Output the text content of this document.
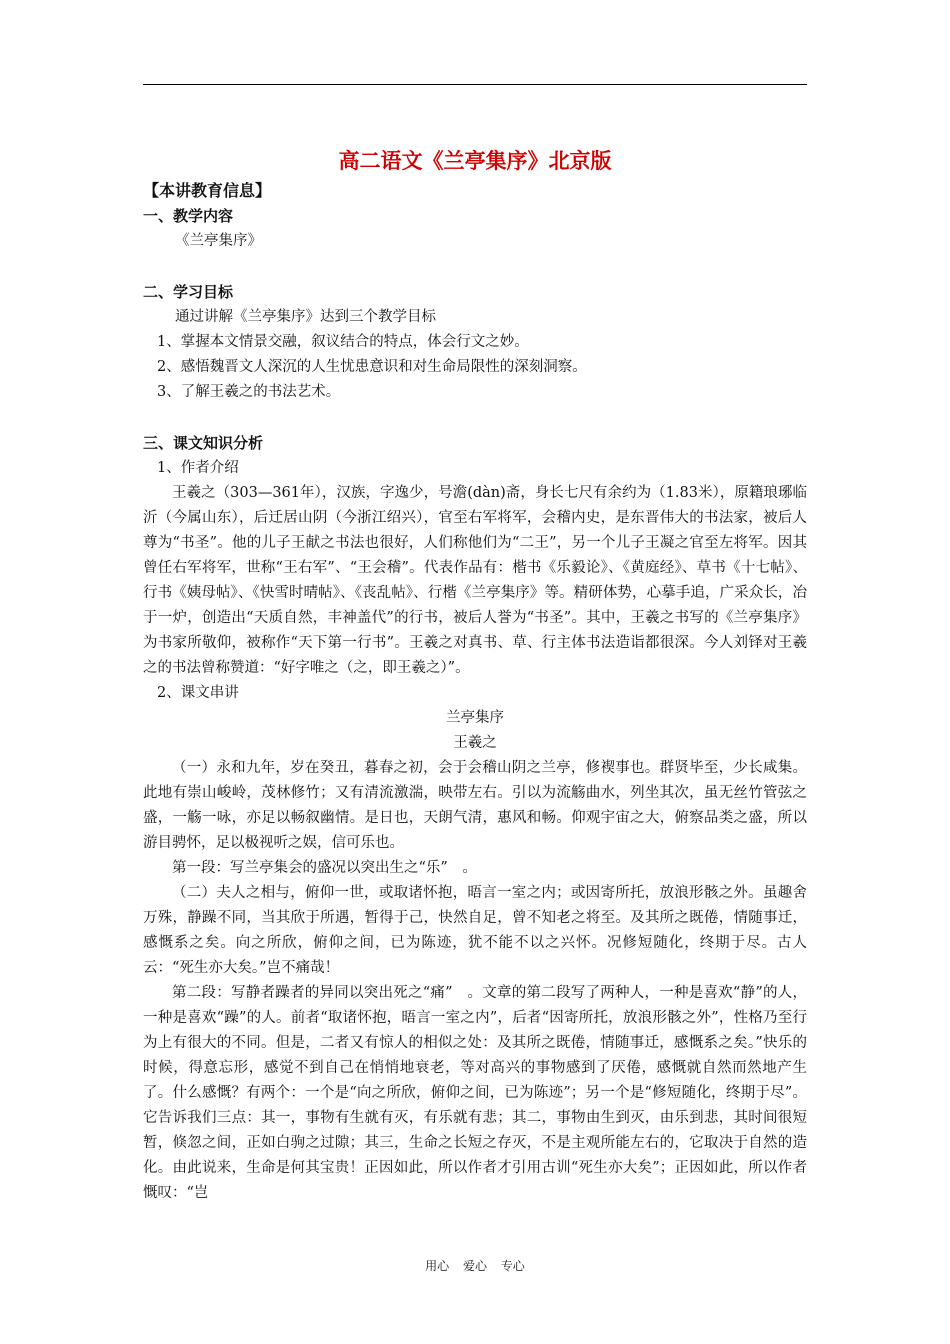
高二语文《兰亭集序》北京版
【本讲教育信息】
一、教学内容
《兰亭集序》
二、学习目标
通过讲解《兰亭集序》达到三个教学目标
1、掌握本文情景交融，叙议结合的特点，体会行文之妙。
2、感悟魏晋文人深沉的人生忧患意识和对生命局限性的深刻洞察。
3、了解王羲之的书法艺术。
三、课文知识分析
1、作者介绍
王羲之（303—361年），汉族，字逸少，号澹(dàn)斋，身长七尺有余约为（1.83米），原籍琅琊临沂（今属山东），后迁居山阴（今浙江绍兴），官至右军将军，会稽内史，是东晋伟大的书法家，被后人尊为“书圣”。他的儿子王献之书法也很好，人们称他们为“二王”，另一个儿子王凝之官至左将军。因其曾任右军将军，世称“王右军”、“王会稽”。代表作品有：楷书《乐毅论》、《黄庭经》、草书《十七帖》、行书《姨母帖》、《快雪时晴帖》、《丧乱帖》、行楷《兰亭集序》等。精研体势，心摹手追，广采众长，冶于一炉，创造出“天质自然，丰神盖代”的行书，被后人誉为“书圣”。其中，王羲之书写的《兰亭集序》为书家所敬仰，被称作“天下第一行书”。王羲之对真书、草、行主体书法造诣都很深。今人刘铎对王羲之的书法曾称赞道：“好字唯之（之，即王羲之）”。
2、课文串讲
兰亭集序
王羲之
（一）永和九年，岁在癸丑，暮春之初，会于会稽山阴之兰亭，修褉事也。群贤毕至，少长咸集。此地有崇山峻岭，茂林修竹；又有清流激湍，映带左右。引以为流觞曲水，列坐其次，虽无丝竹管弦之盛，一觞一咏，亦足以畅叙幽情。是日也，天朗气清，惠风和畅。仰观宇宙之大，俯察品类之盛，所以游目骋怀，足以极视听之娱，信可乐也。
第一段：写兰亭集会的盛况以突出生之“乐”　。
（二）夫人之相与，俯仰一世，或取诸怀抱，晤言一室之内；或因寄所托，放浪形骸之外。虽趣舍万殊，静躁不同，当其欣于所遇，暂得于己，快然自足，曾不知老之将至。及其所之既倦，情随事迁，感慨系之矣。向之所欣，俯仰之间，已为陈迹，犹不能不以之兴怀。况修短随化，终期于尽。古人云：“死生亦大矣。”岂不痛哉！
第二段：写静者躁者的异同以突出死之“痛”　。文章的第二段写了两种人，一种是喜欢“静”的人，一种是喜欢“躁”的人。前者“取诸怀抱，晤言一室之内”，后者“因寄所托，放浪形骸之外”，性格乃至行为上有很大的不同。但是，二者又有惊人的相似之处：及其所之既倦，情随事迁，感慨系之矣。”快乐的时候，得意忘形，感觉不到自己在悄悄地衰老，等对高兴的事物感到了厌倦，感慨就自然而然地产生了。什么感慨？有两个：一个是“向之所欣，俯仰之间，已为陈迹”；另一个是“修短随化，终期于尽”。它告诉我们三点：其一，事物有生就有灭，有乐就有悲；其二，事物由生到灭，由乐到悲，其时间很短暂，倏忽之间，正如白驹之过隙；其三，生命之长短之存灭，不是主观所能左右的，它取决于自然的造化。由此说来，生命是何其宝贵！正因如此，所以作者才引用古训“死生亦大矣”；正因如此，所以作者慨叹：“岂
用心 爱心 专心
